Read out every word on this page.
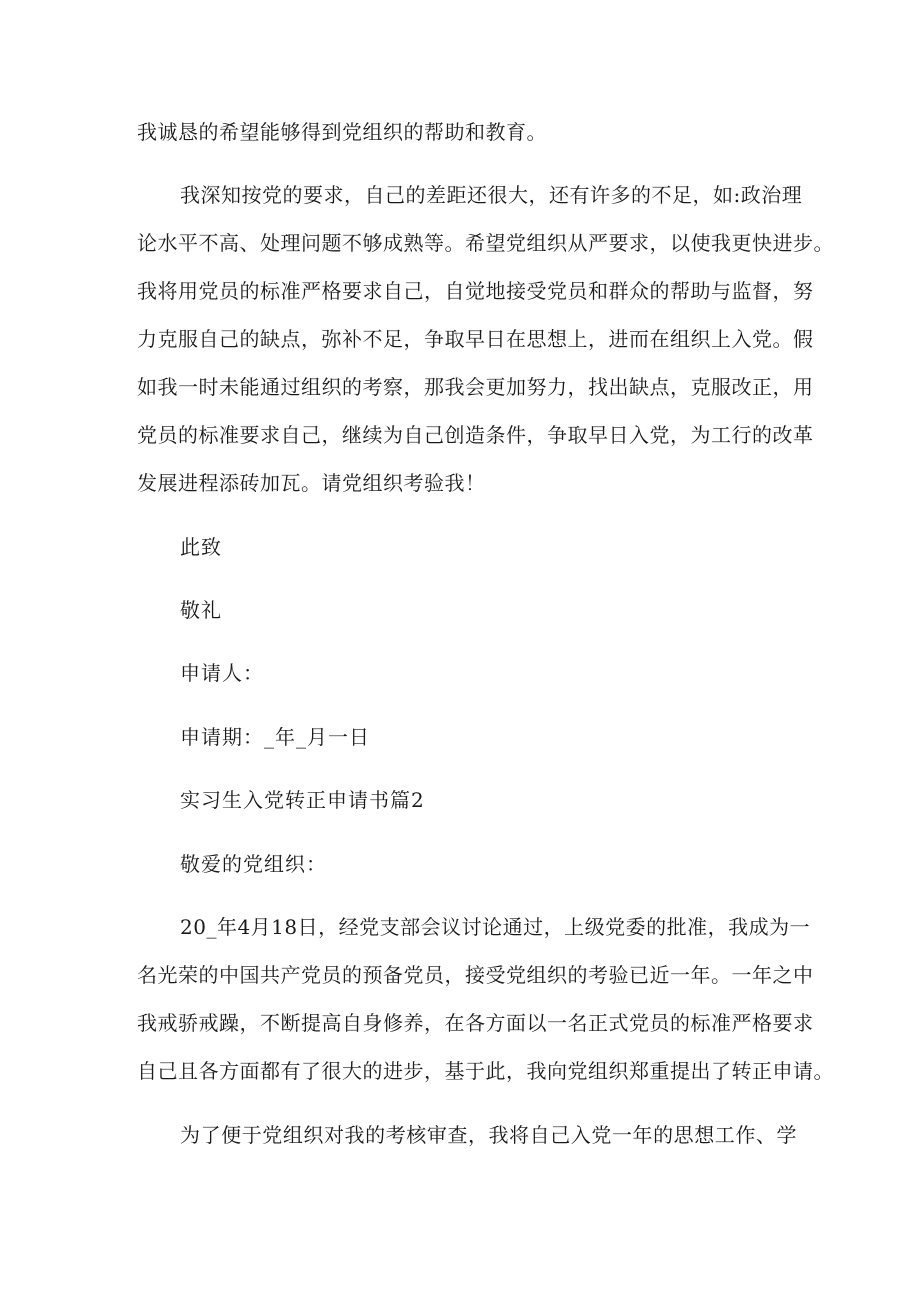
我诚恳的希望能够得到党组织的帮助和教育。
我深知按党的要求，自己的差距还很大，还有许多的不足，如:政治理
论水平不高、处理问题不够成熟等。希望党组织从严要求，以使我更快进步。
我将用党员的标准严格要求自己，自觉地接受党员和群众的帮助与监督，努
力克服自己的缺点，弥补不足，争取早日在思想上，进而在组织上入党。假
如我一时未能通过组织的考察，那我会更加努力，找出缺点，克服改正，用
党员的标准要求自己，继续为自己创造条件，争取早日入党，为工行的改革
发展进程添砖加瓦。请党组织考验我！
此致
敬礼
申请人：
申请期：_年_月一日
实习生入党转正申请书篇2
敬爱的党组织：
20_年4月18日，经党支部会议讨论通过，上级党委的批准，我成为一
名光荣的中国共产党员的预备党员，接受党组织的考验已近一年。一年之中
我戒骄戒躁，不断提高自身修养，在各方面以一名正式党员的标准严格要求
自己且各方面都有了很大的进步，基于此，我向党组织郑重提出了转正申请。
为了便于党组织对我的考核审查，我将自己入党一年的思想工作、学
